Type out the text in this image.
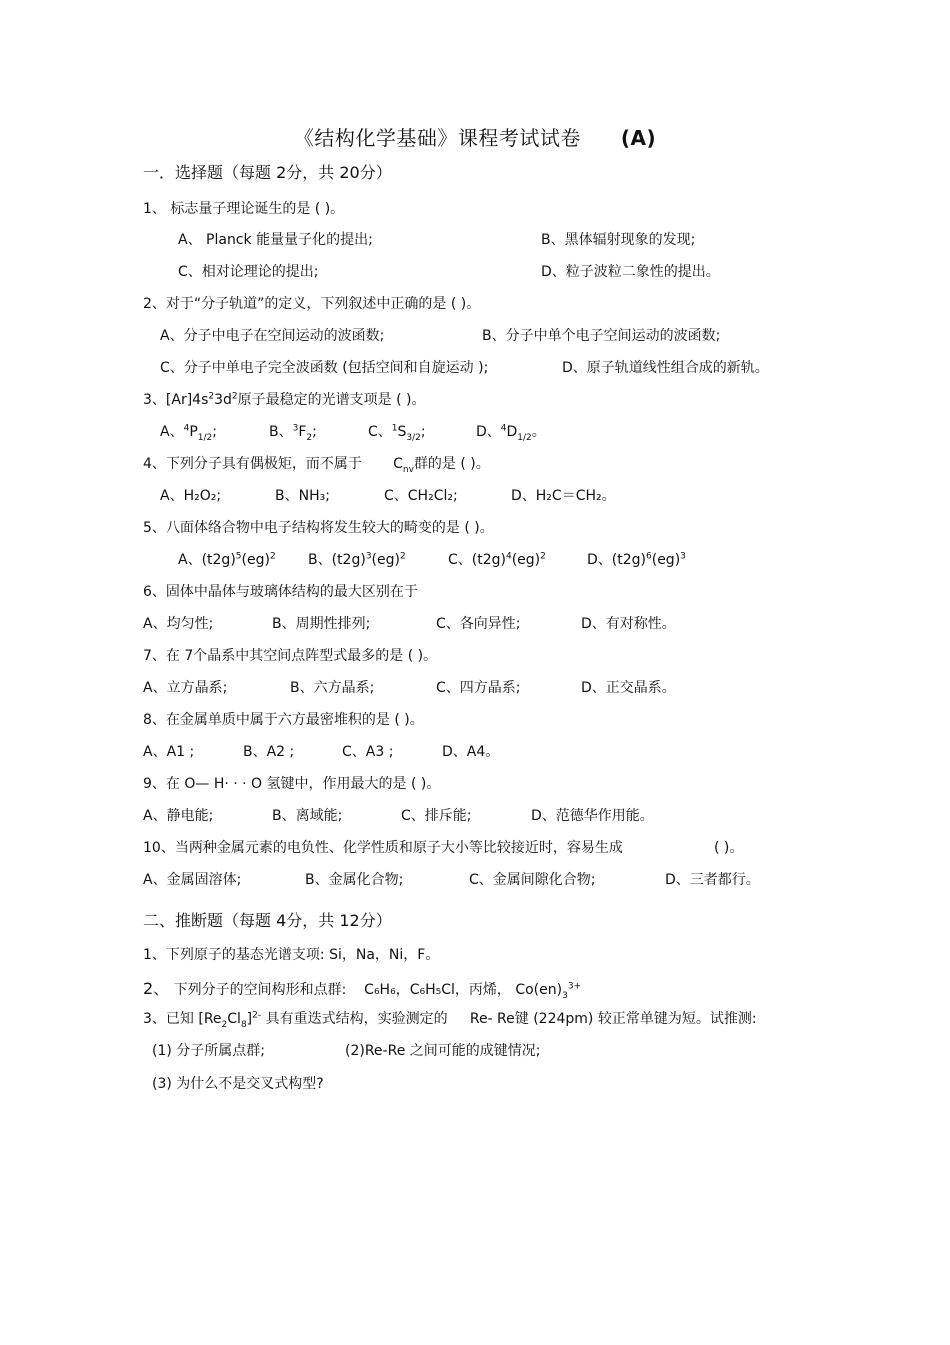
《结构化学基础》课程考试试卷 (A)
一．选择题（每题 2分，共 20分）
1、 标志量子理论诞生的是 ( )。
A、 Planck 能量量子化的提出;	B、黑体辐射现象的发现;
C、相对论理论的提出;	D、粒子波粒二象性的提出。
2、对于“分子轨道”的定义，下列叙述中正确的是 ( )。
A、分子中电子在空间运动的波函数;	B、分子中单个电子空间运动的波函数;
C、分子中单电子完全波函数 (包括空间和自旋运动 );	D、原子轨道线性组合成的新轨。
3、$[Ar]4s^23d^2$原子最稳定的光谱支项是 ( )。
A、$^4P_{1/2}$;	B、$^3F_2$;	C、$^1S_{3/2}$;	D、$^4D_{1/2}$。
4、下列分子具有偶极矩，而不属于 $C_{nv}$群的是 ( )。
A、H₂O₂;	B、NH₃;	C、CH₂Cl₂;	D、H₂C＝CH₂。
5、八面体络合物中电子结构将发生较大的畸变的是 ( )。
A、$(t2g)^5(eg)^2$ B、$(t2g)^3(eg)^2$	C、$(t2g)^4(eg)^2$	D、$(t2g)^6(eg)^3$
6、固体中晶体与玻璃体结构的最大区别在于
A、均匀性;	B、周期性排列;	C、各向异性;	D、有对称性。
7、在 7个晶系中其空间点阵型式最多的是 ( )。
A、立方晶系;	B、六方晶系;	C、四方晶系;	D、正交晶系。
8、在金属单质中属于六方最密堆积的是 ( )。
A、A1 ;	B、A2 ;	C、A3 ;	D、A4。
9、在 O— H· · · O 氢键中，作用最大的是 ( )。
A、静电能;	B、离域能;	C、排斥能;	D、范德华作用能。
10、当两种金属元素的电负性、化学性质和原子大小等比较接近时，容易生成	( )。
A、金属固溶体;	B、金属化合物;	C、金属间隙化合物;	D、三者都行。
二、推断题（每题 4分，共 12分）
1、下列原子的基态光谱支项: Si，Na，Ni，F。
2、 下列分子的空间构形和点群: C₆H₆，C₆H₅Cl，丙烯， $Co(en)_3^{3+}$
3、已知 $[Re_2Cl_8]^{2-}$ 具有重迭式结构，实验测定的 Re- Re键 (224pm) 较正常单键为短。试推测:
(1) 分子所属点群;	(2)Re-Re 之间可能的成键情况;
(3) 为什么不是交叉式构型?
